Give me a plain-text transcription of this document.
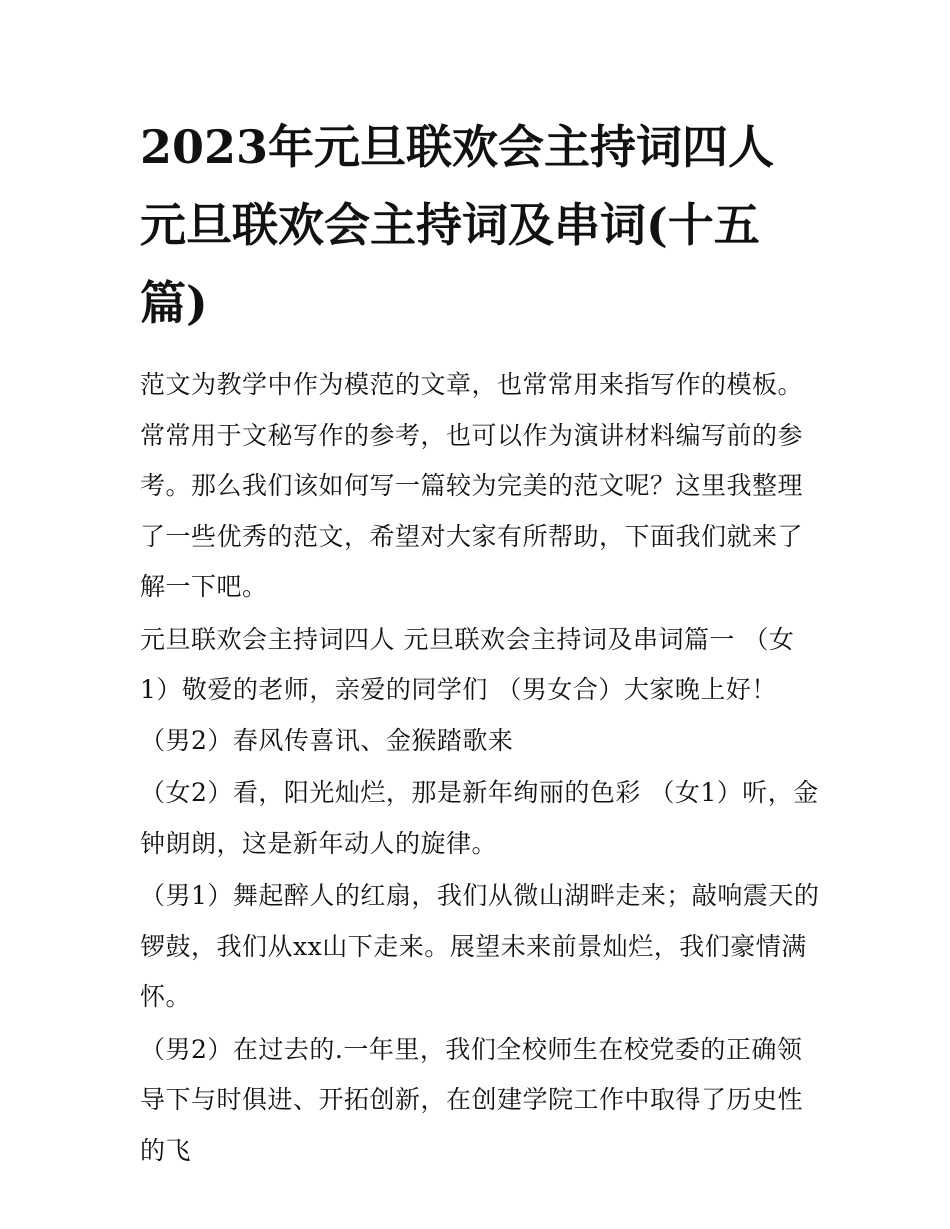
2023年元旦联欢会主持词四人 元旦联欢会主持词及串词(十五篇)

范文为教学中作为模范的文章，也常常用来指写作的模板。常常用于文秘写作的参考，也可以作为演讲材料编写前的参考。那么我们该如何写一篇较为完美的范文呢？这里我整理了一些优秀的范文，希望对大家有所帮助，下面我们就来了解一下吧。

元旦联欢会主持词四人 元旦联欢会主持词及串词篇一 （女1）敬爱的老师，亲爱的同学们 （男女合）大家晚上好！ （男2）春风传喜讯、金猴踏歌来

（女2）看，阳光灿烂，那是新年绚丽的色彩 （女1）听，金钟朗朗，这是新年动人的旋律。

（男1）舞起醉人的红扇，我们从微山湖畔走来；敲响震天的锣鼓，我们从xx山下走来。展望未来前景灿烂，我们豪情满怀。

（男2）在过去的.一年里，我们全校师生在校党委的正确领导下与时俱进、开拓创新，在创建学院工作中取得了历史性的飞
